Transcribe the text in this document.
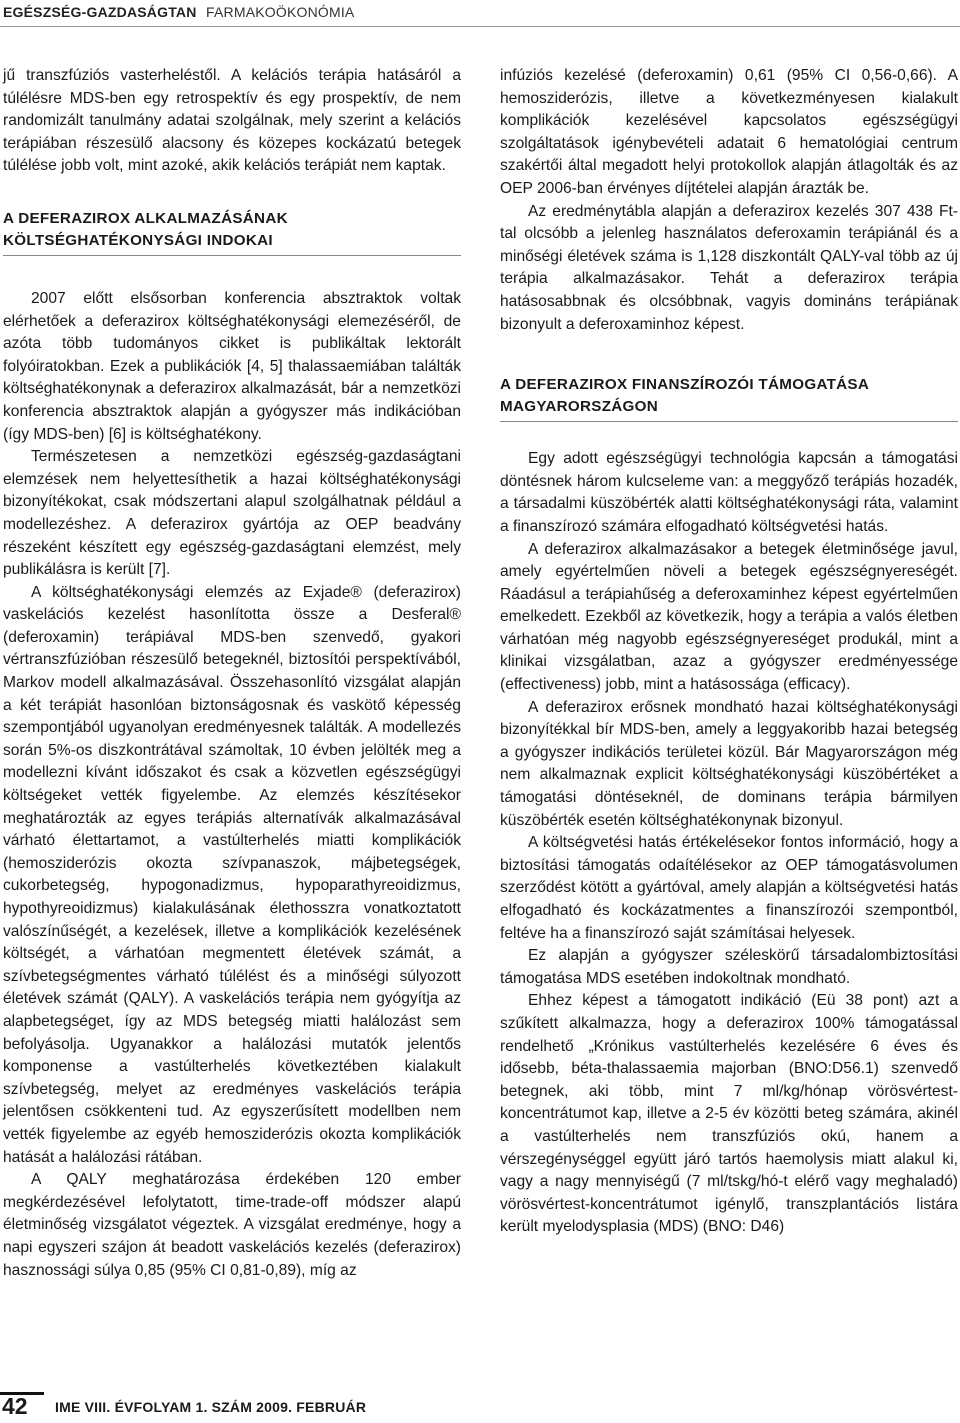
EGÉSZSÉG-GAZDASÁGTAN FARMAKOÖKONÓMIA

jű transzfúziós vasterheléstől. A kelációs terápia hatásáról a túlélésre MDS-ben egy retrospektív és egy prospektív, de nem randomizált tanulmány adatai szolgálnak, mely szerint a kelációs terápiában részesülő alacsony és közepes kockázatú betegek túlélése jobb volt, mint azoké, akik kelációs terápiát nem kaptak.

A DEFERAZIROX ALKALMAZÁSÁNAK KÖLTSÉGHATÉKONYSÁGI INDOKAI

2007 előtt elsősorban konferencia absztraktok voltak elérhetőek a deferazirox költséghatékonysági elemezéséről, de azóta több tudományos cikket is publikáltak lektorált folyóiratokban. Ezek a publikációk [4, 5] thalassaemiában találták költséghatékonynak a deferazirox alkalmazását, bár a nemzetközi konferencia absztraktok alapján a gyógyszer más indikációban (így MDS-ben) [6] is költséghatékony.

Természetesen a nemzetközi egészség-gazdaságtani elemzések nem helyettesíthetik a hazai költséghatékonysági bizonyítékokat, csak módszertani alapul szolgálhatnak például a modellezéshez. A deferazirox gyártója az OEP beadvány részeként készített egy egészség-gazdaságtani elemzést, mely publikálásra is került [7].

A költséghatékonysági elemzés az Exjade® (deferazirox) vaskelációs kezelést hasonlította össze a Desferal® (deferoxamin) terápiával MDS-ben szenvedő, gyakori vértranszfúzióban részesülő betegeknél, biztosítói perspektívából, Markov modell alkalmazásával. Összehasonlító vizsgálat alapján a két terápiát hasonlóan biztonságosnak és vaskötő képesség szempontjából ugyanolyan eredményesnek találták. A modellezés során 5%-os diszkontrátával számoltak, 10 évben jelölték meg a modellezni kívánt időszakot és csak a közvetlen egészségügyi költségeket vették figyelembe. Az elemzés készítésekor meghatározták az egyes terápiás alternatívák alkalmazásával várható élettartamot, a vastúlterhelés miatti komplikációk (hemosziderózis okozta szívpanaszok, májbetegségek, cukorbetegség, hypogonadizmus, hypoparathyreoidizmus, hypothyreoidizmus) kialakulásának élethosszra vonatkoztatott valószínűségét, a kezelések, illetve a komplikációk kezelésének költségét, a várhatóan megmentett életévek számát, a szívbetegségmentes várható túlélést és a minőségi súlyozott életévek számát (QALY). A vaskelációs terápia nem gyógyítja az alapbetegséget, így az MDS betegség miatti halálozást sem befolyásolja. Ugyanakkor a halálozási mutatók jelentős komponense a vastúlterhelés következtében kialakult szívbetegség, melyet az eredményes vaskelációs terápia jelentősen csökkenteni tud. Az egyszerűsített modellben nem vették figyelembe az egyéb hemosziderózis okozta komplikációk hatását a halálozási rátában.

A QALY meghatározása érdekében 120 ember megkérdezésével lefolytatott, time-trade-off módszer alapú életminőség vizsgálatot végeztek. A vizsgálat eredménye, hogy a napi egyszeri szájon át beadott vaskelációs kezelés (deferazirox) hasznossági súlya 0,85 (95% CI 0,81-0,89), míg az

infúziós kezelésé (deferoxamin) 0,61 (95% CI 0,56-0,66). A hemosziderózis, illetve a következményesen kialakult komplikációk kezelésével kapcsolatos egészségügyi szolgáltatások igénybevételi adatait 6 hematológiai centrum szakértői által megadott helyi protokollok alapján átlagolták és az OEP 2006-ban érvényes díjtételei alapján árazták be.

Az eredménytábla alapján a deferazirox kezelés 307 438 Ft-tal olcsóbb a jelenleg használatos deferoxamin terápiánál és a minőségi életévek száma is 1,128 diszkontált QALY-val több az új terápia alkalmazásakor. Tehát a deferazirox terápia hatásosabbnak és olcsóbbnak, vagyis domináns terápiának bizonyult a deferoxaminhoz képest.

A DEFERAZIROX FINANSZÍROZÓI TÁMOGATÁSA MAGYARORSZÁGON

Egy adott egészségügyi technológia kapcsán a támogatási döntésnek három kulcseleme van: a meggyőző terápiás hozadék, a társadalmi küszöbérték alatti költséghatékonysági ráta, valamint a finanszírozó számára elfogadható költségvetési hatás.

A deferazirox alkalmazásakor a betegek életminősége javul, amely egyértelműen növeli a betegek egészségnyereségét. Ráadásul a terápiahűség a deferoxaminhez képest egyértelműen emelkedett. Ezekből az következik, hogy a terápia a valós életben várhatóan még nagyobb egészségnyereséget produkál, mint a klinikai vizsgálatban, azaz a gyógyszer eredményessége (effectiveness) jobb, mint a hatásossága (efficacy).

A deferazirox erősnek mondható hazai költséghatékonysági bizonyítékkal bír MDS-ben, amely a leggyakoribb hazai betegség a gyógyszer indikációs területei közül. Bár Magyarországon még nem alkalmaznak explicit költséghatékonysági küszöbértéket a támogatási döntéseknél, de dominans terápia bármilyen küszöbérték esetén költséghatékonynak bizonyul.

A költségvetési hatás értékelésekor fontos információ, hogy a biztosítási támogatás odaítélésekor az OEP támogatásvolumen szerződést kötött a gyártóval, amely alapján a költségvetési hatás elfogadható és kockázatmentes a finanszírozói szempontból, feltéve ha a finanszírozó saját számításai helyesek.

Ez alapján a gyógyszer széleskörű társadalombiztosítási támogatása MDS esetében indokoltnak mondható.

Ehhez képest a támogatott indikáció (Eü 38 pont) azt a szűkített alkalmazza, hogy a deferazirox 100% támogatással rendelhető „Krónikus vastúlterhelés kezelésére 6 éves és idősebb, béta-thalassaemia majorban (BNO:D56.1) szenvedő betegnek, aki több, mint 7 ml/kg/hónap vörösvértest-koncentrátumot kap, illetve a 2-5 év közötti beteg számára, akinél a vastúlterhelés nem transzfúziós okú, hanem a vérszegénységgel együtt járó tartós haemolysis miatt alakul ki, vagy a nagy mennyiségű (7 ml/tskg/hó-t elérő vagy meghaladó) vörösvértest-koncentrátumot igénylő, transzplantációs listára került myelodysplasia (MDS) (BNO: D46)

42 IME VIII. ÉVFOLYAM 1. SZÁM 2009. FEBRUÁR
